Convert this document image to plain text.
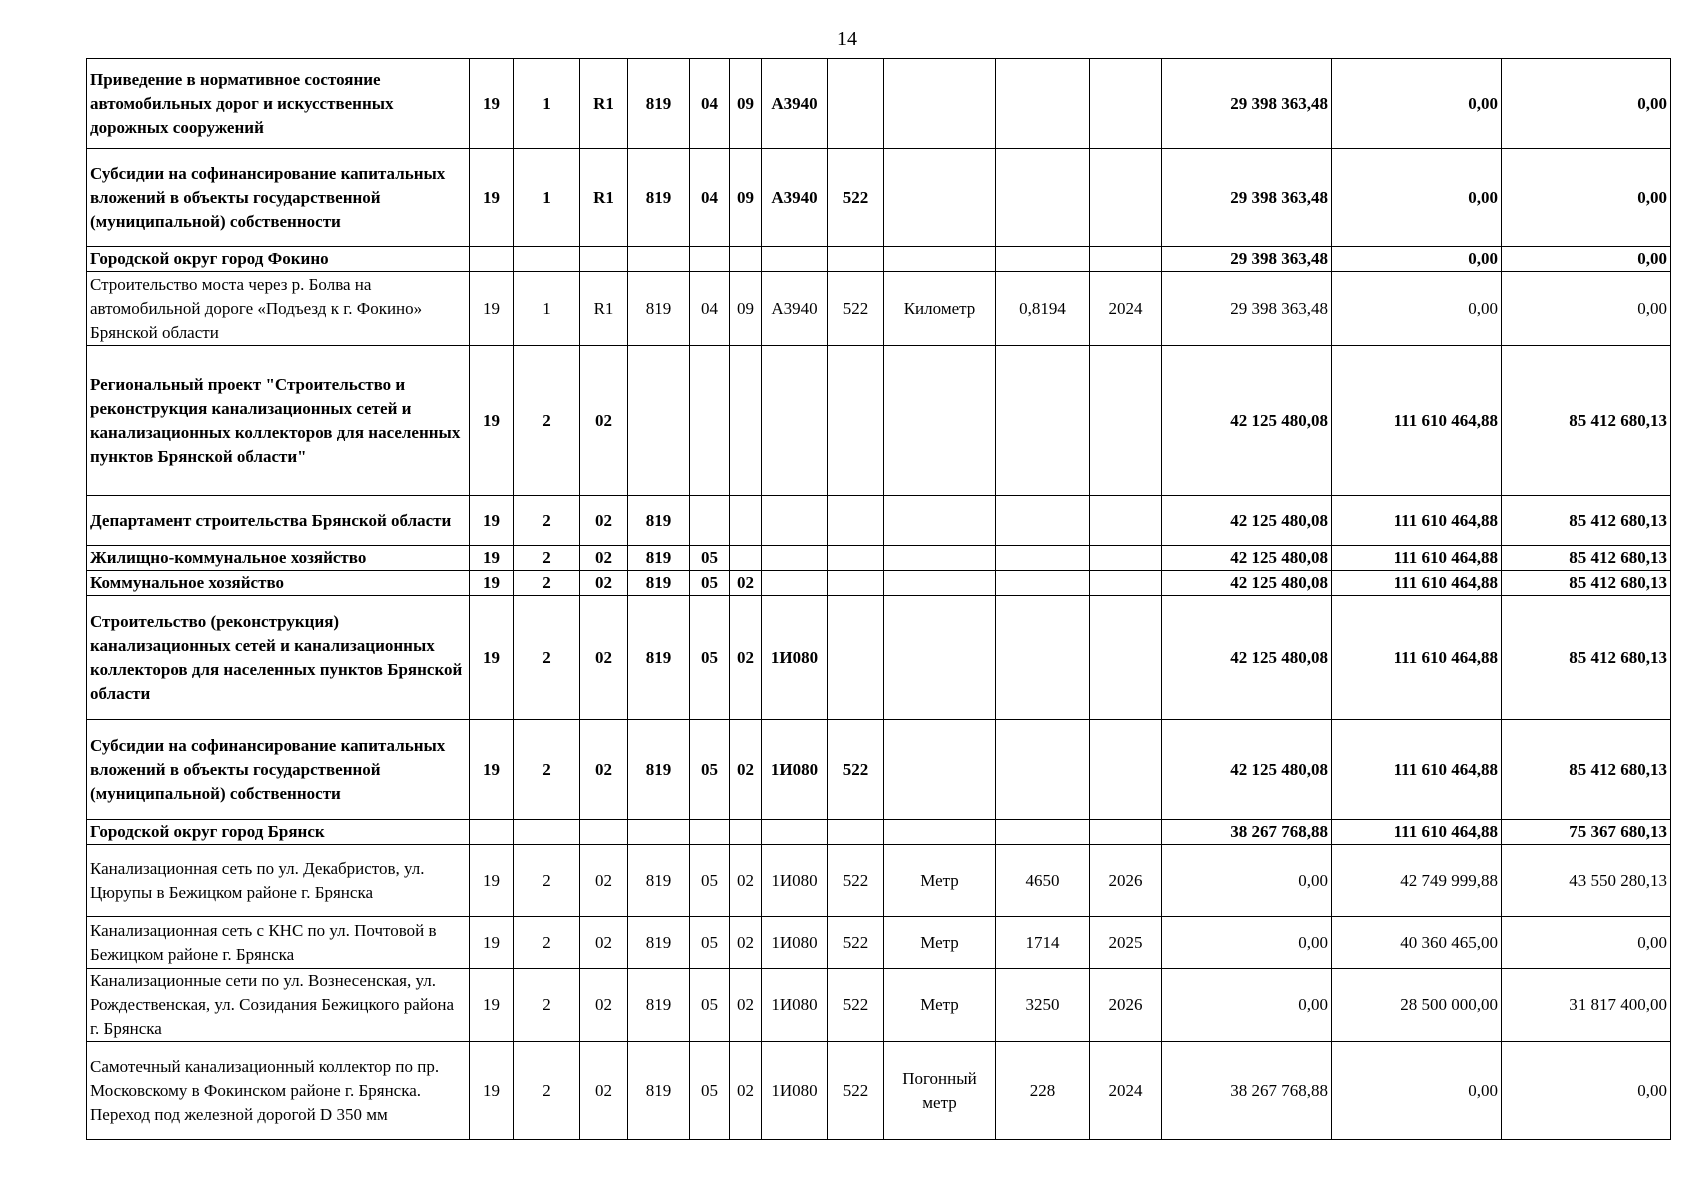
14
Приведение в нормативное состояние автомобильных дорог и искусственных дорожных сооружений	19	1	R1	819	04	09	А3940					29 398 363,48	0,00	0,00
Субсидии на софинансирование капитальных вложений в объекты государственной (муниципальной) собственности	19	1	R1	819	04	09	А3940	522				29 398 363,48	0,00	0,00
Городской округ город Фокино												29 398 363,48	0,00	0,00
Строительство моста через р. Болва на автомобильной дороге «Подъезд к г. Фокино» Брянской области	19	1	R1	819	04	09	А3940	522	Километр	0,8194	2024	29 398 363,48	0,00	0,00
Региональный проект "Строительство и реконструкция канализационных сетей и канализационных коллекторов для населенных пунктов Брянской области"	19	2	02									42 125 480,08	111 610 464,88	85 412 680,13
Департамент строительства Брянской области	19	2	02	819								42 125 480,08	111 610 464,88	85 412 680,13
Жилищно-коммунальное хозяйство	19	2	02	819	05							42 125 480,08	111 610 464,88	85 412 680,13
Коммунальное хозяйство	19	2	02	819	05	02						42 125 480,08	111 610 464,88	85 412 680,13
Строительство (реконструкция) канализационных сетей и канализационных коллекторов для населенных пунктов Брянской области	19	2	02	819	05	02	1И080					42 125 480,08	111 610 464,88	85 412 680,13
Субсидии на софинансирование капитальных вложений в объекты государственной (муниципальной) собственности	19	2	02	819	05	02	1И080	522				42 125 480,08	111 610 464,88	85 412 680,13
Городской округ город Брянск												38 267 768,88	111 610 464,88	75 367 680,13
Канализационная сеть по ул. Декабристов, ул. Цюрупы в Бежицком районе г. Брянска	19	2	02	819	05	02	1И080	522	Метр	4650	2026	0,00	42 749 999,88	43 550 280,13
Канализационная сеть с КНС по ул. Почтовой в Бежицком районе г. Брянска	19	2	02	819	05	02	1И080	522	Метр	1714	2025	0,00	40 360 465,00	0,00
Канализационные сети по ул. Вознесенская, ул. Рождественская, ул. Созидания Бежицкого района г. Брянска	19	2	02	819	05	02	1И080	522	Метр	3250	2026	0,00	28 500 000,00	31 817 400,00
Самотечный канализационный коллектор по пр. Московскому в Фокинском районе г. Брянска. Переход под железной дорогой D 350 мм	19	2	02	819	05	02	1И080	522	Погонный метр	228	2024	38 267 768,88	0,00	0,00
